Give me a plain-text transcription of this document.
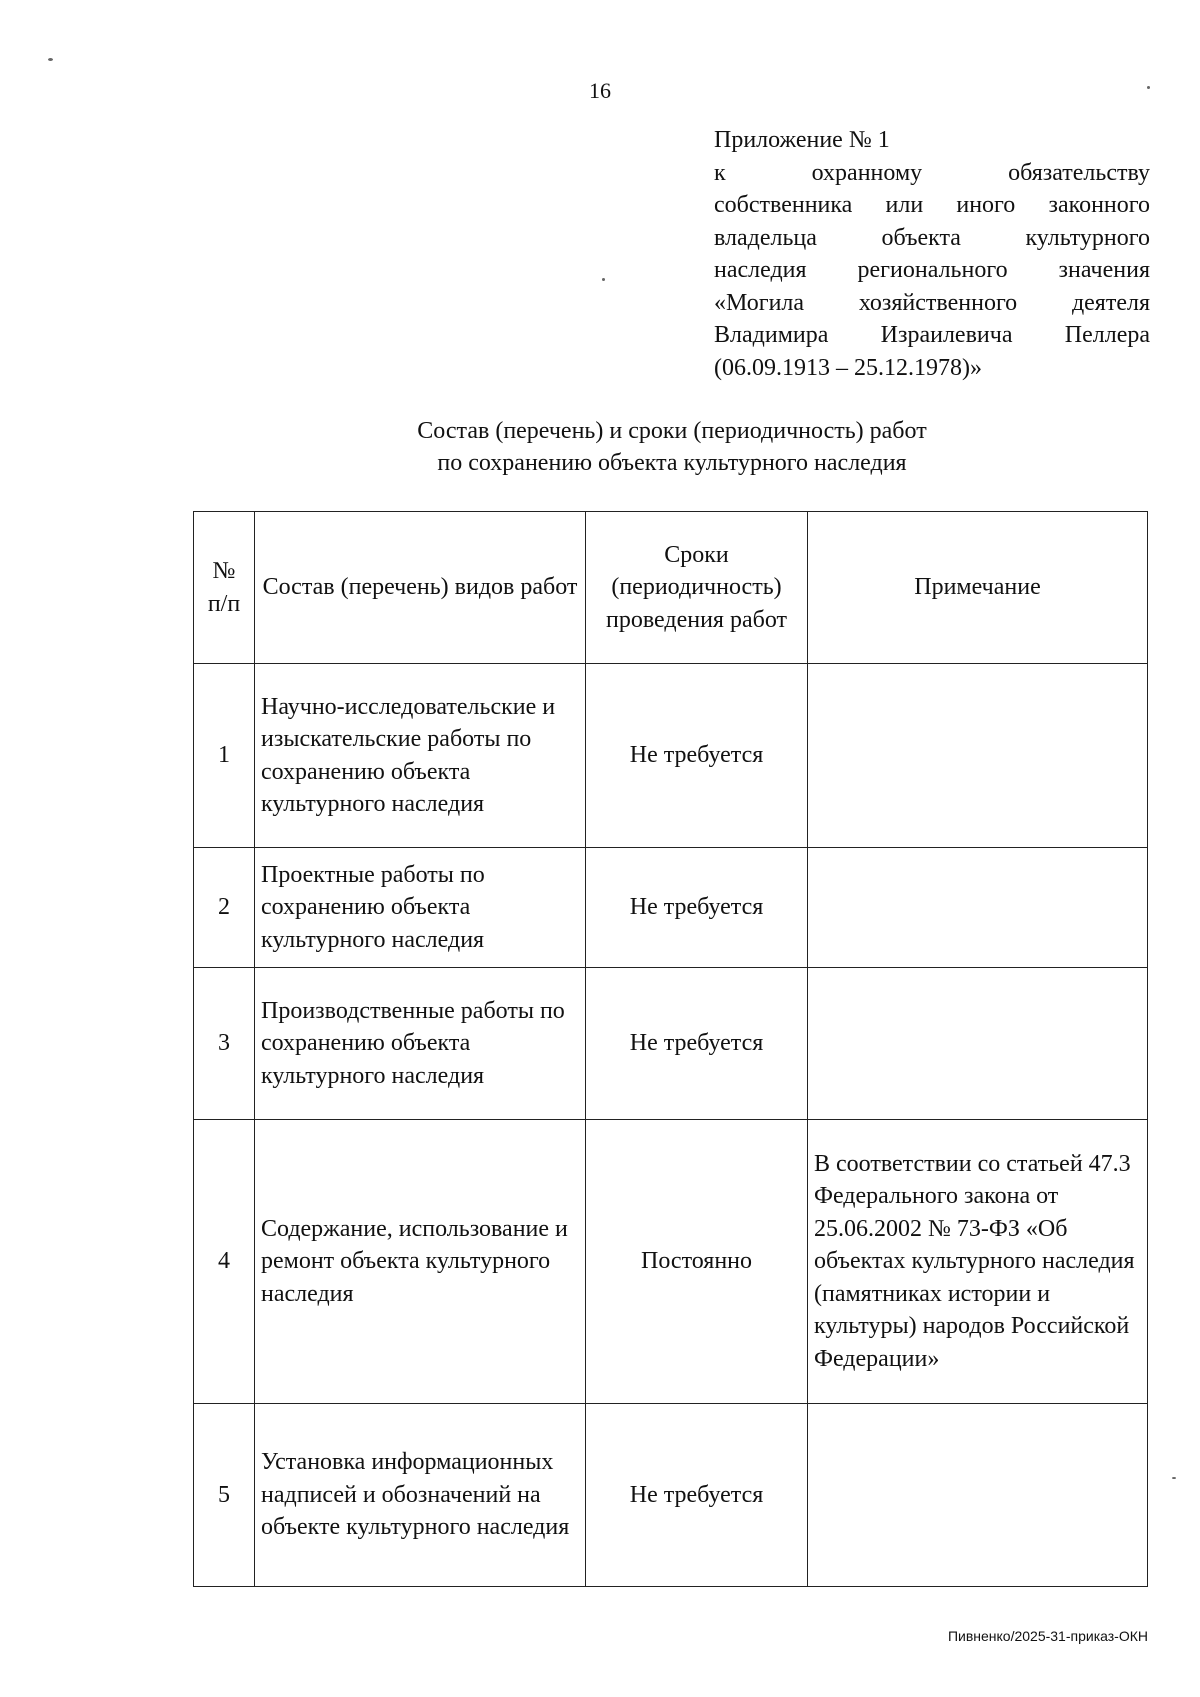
16
Приложение № 1
к охранному обязательству
собственника или иного законного
владельца объекта культурного
наследия регионального значения
«Могила хозяйственного деятеля
Владимира Израилевича Пеллера
(06.09.1913 – 25.12.1978)»
Состав (перечень) и сроки (периодичность) работ
по сохранению объекта культурного наследия
№ п/п	Состав (перечень) видов работ	Сроки (периодичность) проведения работ	Примечание
1	Научно-исследовательские и изыскательские работы по сохранению объекта культурного наследия	Не требуется	
2	Проектные работы по сохранению объекта культурного наследия	Не требуется	
3	Производственные работы по сохранению объекта культурного наследия	Не требуется	
4	Содержание, использование и ремонт объекта культурного наследия	Постоянно	В соответствии со статьей 47.3 Федерального закона от 25.06.2002 № 73-ФЗ «Об объектах культурного наследия (памятниках истории и культуры) народов Российской Федерации»
5	Установка информационных надписей и обозначений на объекте культурного наследия	Не требуется	
Пивненко/2025-31-приказ-ОКН
